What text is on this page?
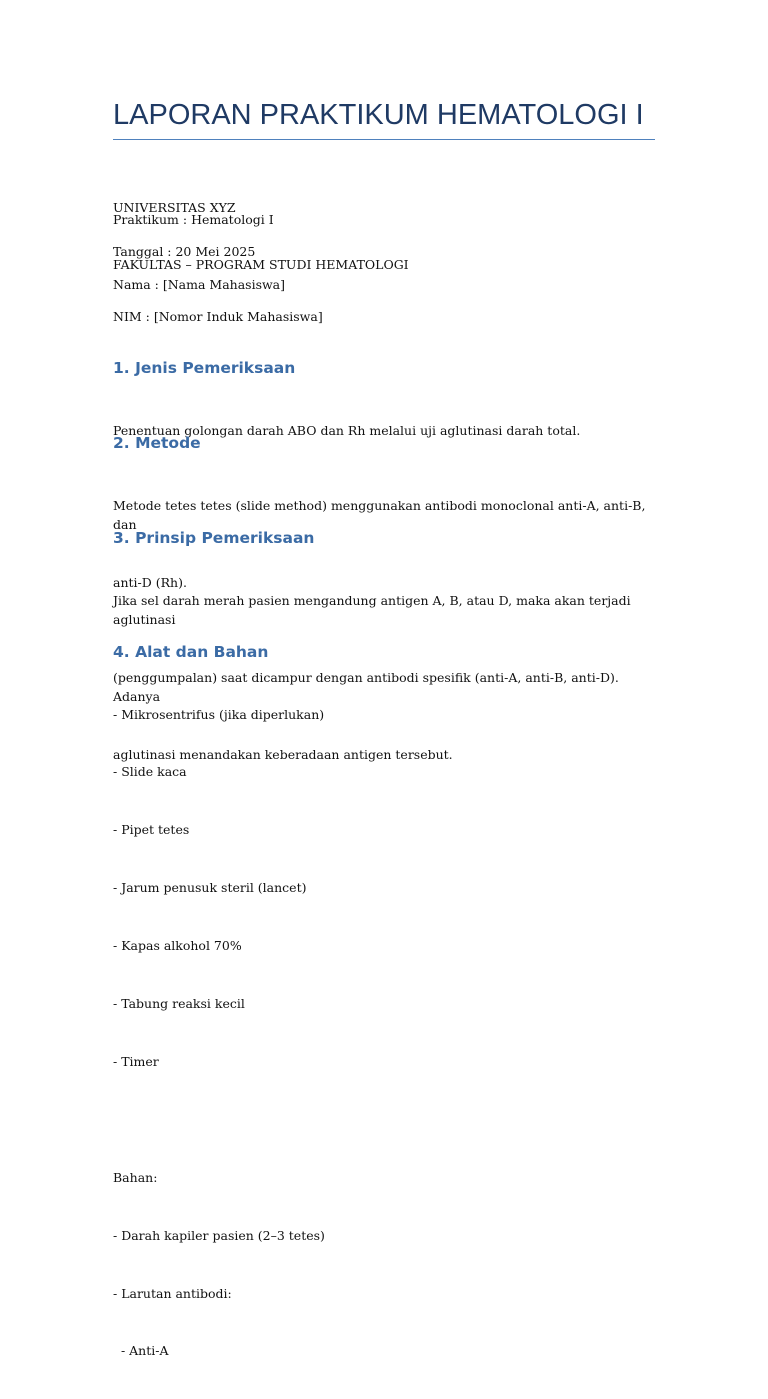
LAPORAN PRAKTIKUM HEMATOLOGI I

UNIVERSITAS XYZ

FAKULTAS – PROGRAM STUDI HEMATOLOGI

Praktikum : Hematologi I
Tanggal : 20 Mei 2025
Nama : [Nama Mahasiswa]
NIM : [Nomor Induk Mahasiswa]
1. Jenis Pemeriksaan

Penentuan golongan darah ABO dan Rh melalui uji aglutinasi darah total.

2. Metode

Metode tetes tetes (slide method) menggunakan antibodi monoclonal anti-A, anti-B, dan

anti-D (Rh).

3. Prinsip Pemeriksaan

Jika sel darah merah pasien mengandung antigen A, B, atau D, maka akan terjadi aglutinasi

(penggumpalan) saat dicampur dengan antibodi spesifik (anti-A, anti-B, anti-D). Adanya

aglutinasi menandakan keberadaan antigen tersebut.

4. Alat dan Bahan

- Mikrosentrifus (jika diperlukan)

- Slide kaca

- Pipet tetes

- Jarum penusuk steril (lancet)

- Kapas alkohol 70%

- Tabung reaksi kecil

- Timer

Bahan:

- Darah kapiler pasien (2–3 tetes)

- Larutan antibodi:

- Anti-A
